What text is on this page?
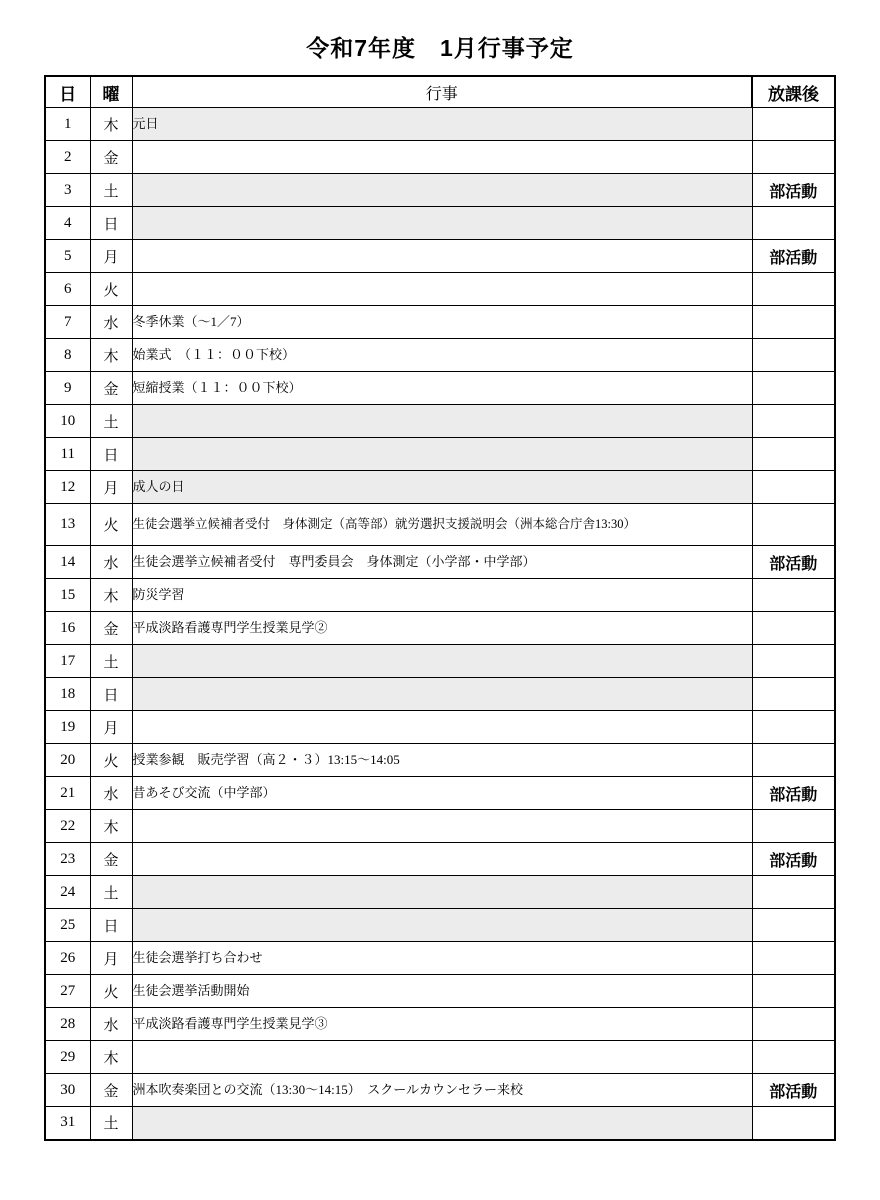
令和7年度　1月行事予定
日	曜	行事	放課後
1	木	元日	
2	金		
3	土		部活動
4	日		
5	月		部活動
6	火		
7	水	冬季休業（〜1／7）	
8	木	始業式　（１１：００下校）	
9	金	短縮授業（１１：００下校）	
10	土		
11	日		
12	月	成人の日	
13	火	生徒会選挙立候補者受付　身体測定（高等部）就労選択支援説明会（洲本総合庁舎13:30）	
14	水	生徒会選挙立候補者受付　専門委員会　身体測定（小学部・中学部）	部活動
15	木	防災学習	
16	金	平成淡路看護専門学生授業見学②	
17	土		
18	日		
19	月		
20	火	授業参観　販売学習（高２・３）13:15〜14:05	
21	水	昔あそび交流（中学部）	部活動
22	木		
23	金		部活動
24	土		
25	日		
26	月	生徒会選挙打ち合わせ	
27	火	生徒会選挙活動開始	
28	水	平成淡路看護専門学生授業見学③	
29	木		
30	金	洲本吹奏楽団との交流（13:30〜14:15）　スクールカウンセラー来校	部活動
31	土		
